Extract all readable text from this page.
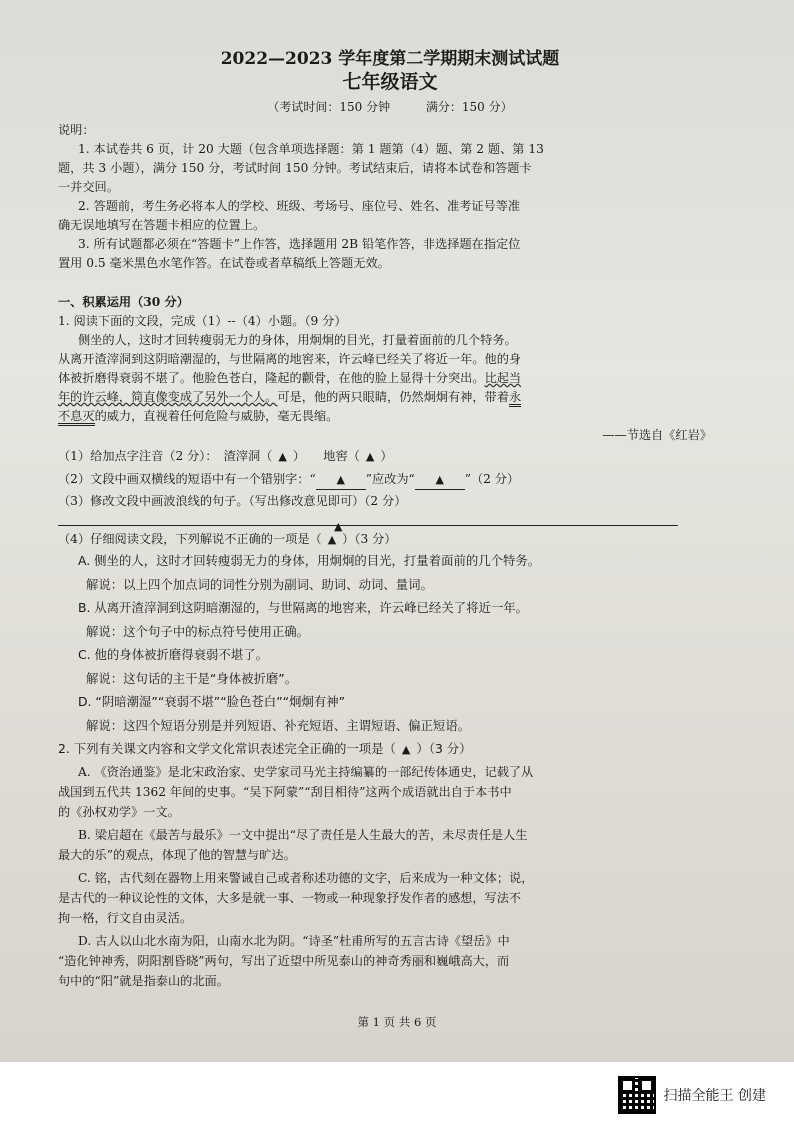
2022—2023 学年度第二学期期末测试试题
七年级语文
（考试时间：150 分钟	满分：150 分）

说明：

1. 本试卷共 6 页，计 20 大题（包含单项选择题：第 1 题第（4）题、第 2 题、第 13

题，共 3 小题），满分 150 分，考试时间 150 分钟。考试结束后，请将本试卷和答题卡

一并交回。

2. 答题前，考生务必将本人的学校、班级、考场号、座位号、姓名、准考证号等准

确无误地填写在答题卡相应的位置上。

3. 所有试题都必须在“答题卡”上作答，选择题用 2B 铅笔作答，非选择题在指定位

置用 0.5 毫米黑色水笔作答。在试卷或者草稿纸上答题无效。

一、积累运用（30 分）

1. 阅读下面的文段，完成（1）--（4）小题。（9 分）

侧坐的人，这时才回转瘦弱无力的身体，用炯炯的目光，打量着面前的几个特务。

从离开渣滓洞到这阴暗潮湿的，与世隔离的地窖来，许云峰已经关了将近一年。他的身

体被折磨得衰弱不堪了。他脸色苍白，隆起的颧骨，在他的脸上显得十分突出。比起当

年的许云峰，简直像变成了另外一个人。可是，他的两只眼睛，仍然炯炯有神，带着永

不息灭的威力，直视着任何危险与威胁，毫无畏缩。

——节选自《红岩》

（1）给加点字注音（2 分）：　渣滓洞（ ▲ ）　　地窖（ ▲ ）

（2）文段中画双横线的短语中有一个错别字：“ ▲ ”应改为“ ▲ ”（2 分）

（3）修改文段中画波浪线的句子。（写出修改意见即可）（2 分）

▲

（4）仔细阅读文段，下列解说不正确的一项是（ ▲ ）（3 分）

A. 侧坐的人，这时才回转瘦弱无力的身体，用炯炯的目光，打量着面前的几个特务。

解说：以上四个加点词的词性分别为副词、助词、动词、量词。

B. 从离开渣滓洞到这阴暗潮湿的，与世隔离的地窖来，许云峰已经关了将近一年。

解说：这个句子中的标点符号使用正确。

C. 他的身体被折磨得衰弱不堪了。

解说：这句话的主干是“身体被折磨”。

D. “阴暗潮湿”“衰弱不堪”“脸色苍白”“炯炯有神”

解说：这四个短语分别是并列短语、补充短语、主谓短语、偏正短语。

2. 下列有关课文内容和文学文化常识表述完全正确的一项是（ ▲ ）（3 分）

A. 《资治通鉴》是北宋政治家、史学家司马光主持编纂的一部纪传体通史，记载了从

战国到五代共 1362 年间的史事。“吴下阿蒙”“刮目相待”这两个成语就出自于本书中

的《孙权劝学》一文。

B. 梁启超在《最苦与最乐》一文中提出“尽了责任是人生最大的苦，未尽责任是人生

最大的乐”的观点，体现了他的智慧与旷达。

C. 铭，古代刻在器物上用来警诫自己或者称述功德的文字，后来成为一种文体；说，

是古代的一种议论性的文体，大多是就一事、一物或一种现象抒发作者的感想，写法不

拘一格，行文自由灵活。

D. 古人以山北水南为阳，山南水北为阴。“诗圣”杜甫所写的五言古诗《望岳》中

“造化钟神秀，阴阳割昏晓”两句，写出了近望中所见泰山的神奇秀丽和巍峨高大，而

句中的“阳”就是指泰山的北面。

第 1 页 共 6 页
扫描全能王 创建
